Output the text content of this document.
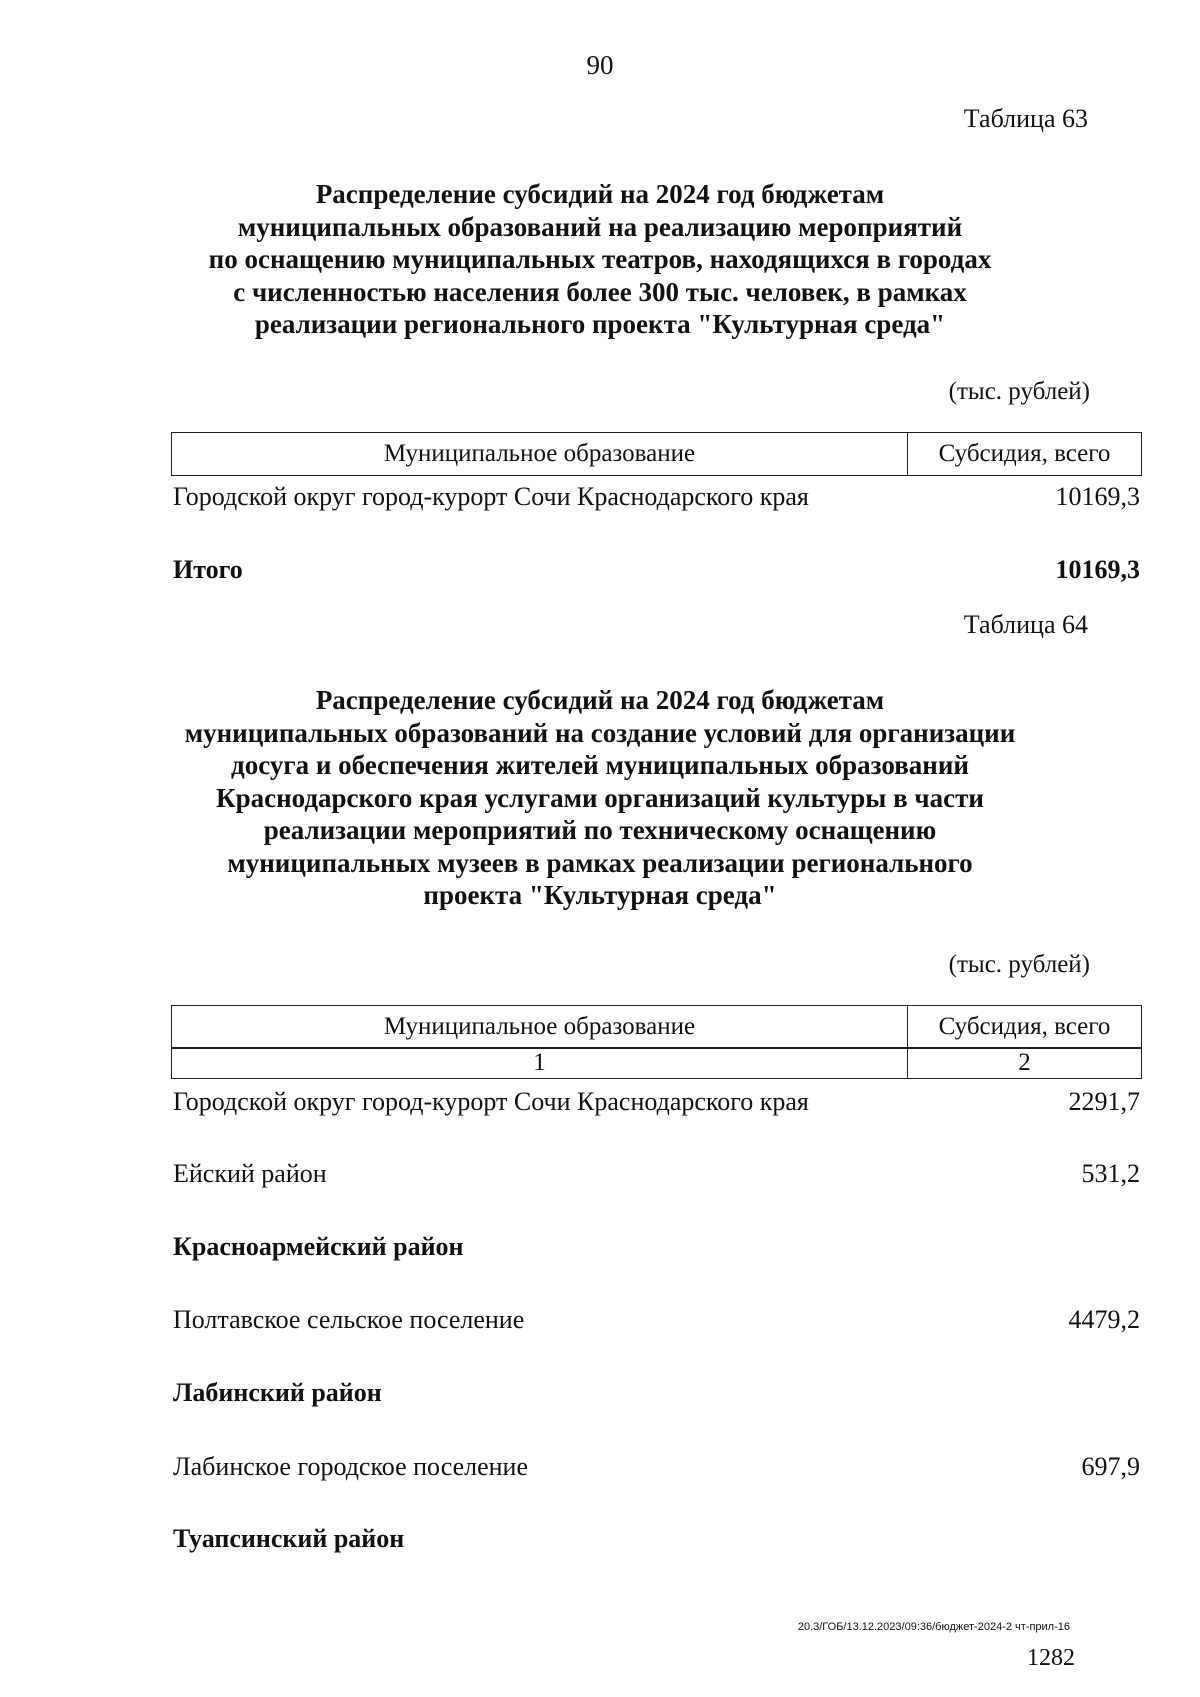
90
Таблица 63
Распределение субсидий на 2024 год бюджетам
муниципальных образований на реализацию мероприятий
по оснащению муниципальных театров, находящихся в городах
с численностью населения более 300 тыс. человек, в рамках
реализации регионального проекта "Культурная среда"
(тыс. рублей)
Муниципальное образование	Субсидия, всего
Городской округ город-курорт Сочи Краснодарского края	10169,3
Итого	10169,3
Таблица 64
Распределение субсидий на 2024 год бюджетам
муниципальных образований на создание условий для организации
досуга и обеспечения жителей муниципальных образований
Краснодарского края услугами организаций культуры в части
реализации мероприятий по техническому оснащению
муниципальных музеев в рамках реализации регионального
проекта "Культурная среда"
(тыс. рублей)
Муниципальное образование	Субсидия, всего
1	2
Городской округ город-курорт Сочи Краснодарского края	2291,7
Ейский район	531,2
Красноармейский район
Полтавское сельское поселение	4479,2
Лабинский район
Лабинское городское поселение	697,9
Туапсинский район
20.3/ГОБ/13.12.2023/09:36/бюджет-2024-2 чт-прил-16
1282
